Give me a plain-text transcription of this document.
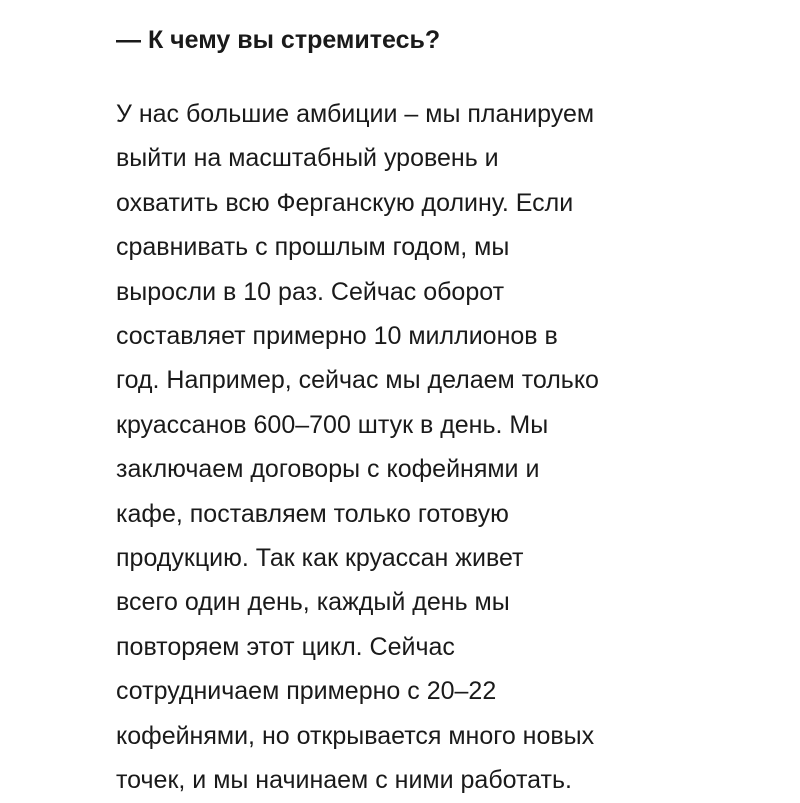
— К чему вы стремитесь?
У нас большие амбиции – мы планируем
выйти на масштабный уровень и
охватить всю Ферганскую долину. Если
сравнивать с прошлым годом, мы
выросли в 10 раз. Сейчас оборот
составляет примерно 10 миллионов в
год. Например, сейчас мы делаем только
круассанов 600–700 штук в день. Мы
заключаем договоры с кофейнями и
кафе, поставляем только готовую
продукцию. Так как круассан живет
всего один день, каждый день мы
повторяем этот цикл. Сейчас
сотрудничаем примерно с 20–22
кофейнями, но открывается много новых
точек, и мы начинаем с ними работать.
